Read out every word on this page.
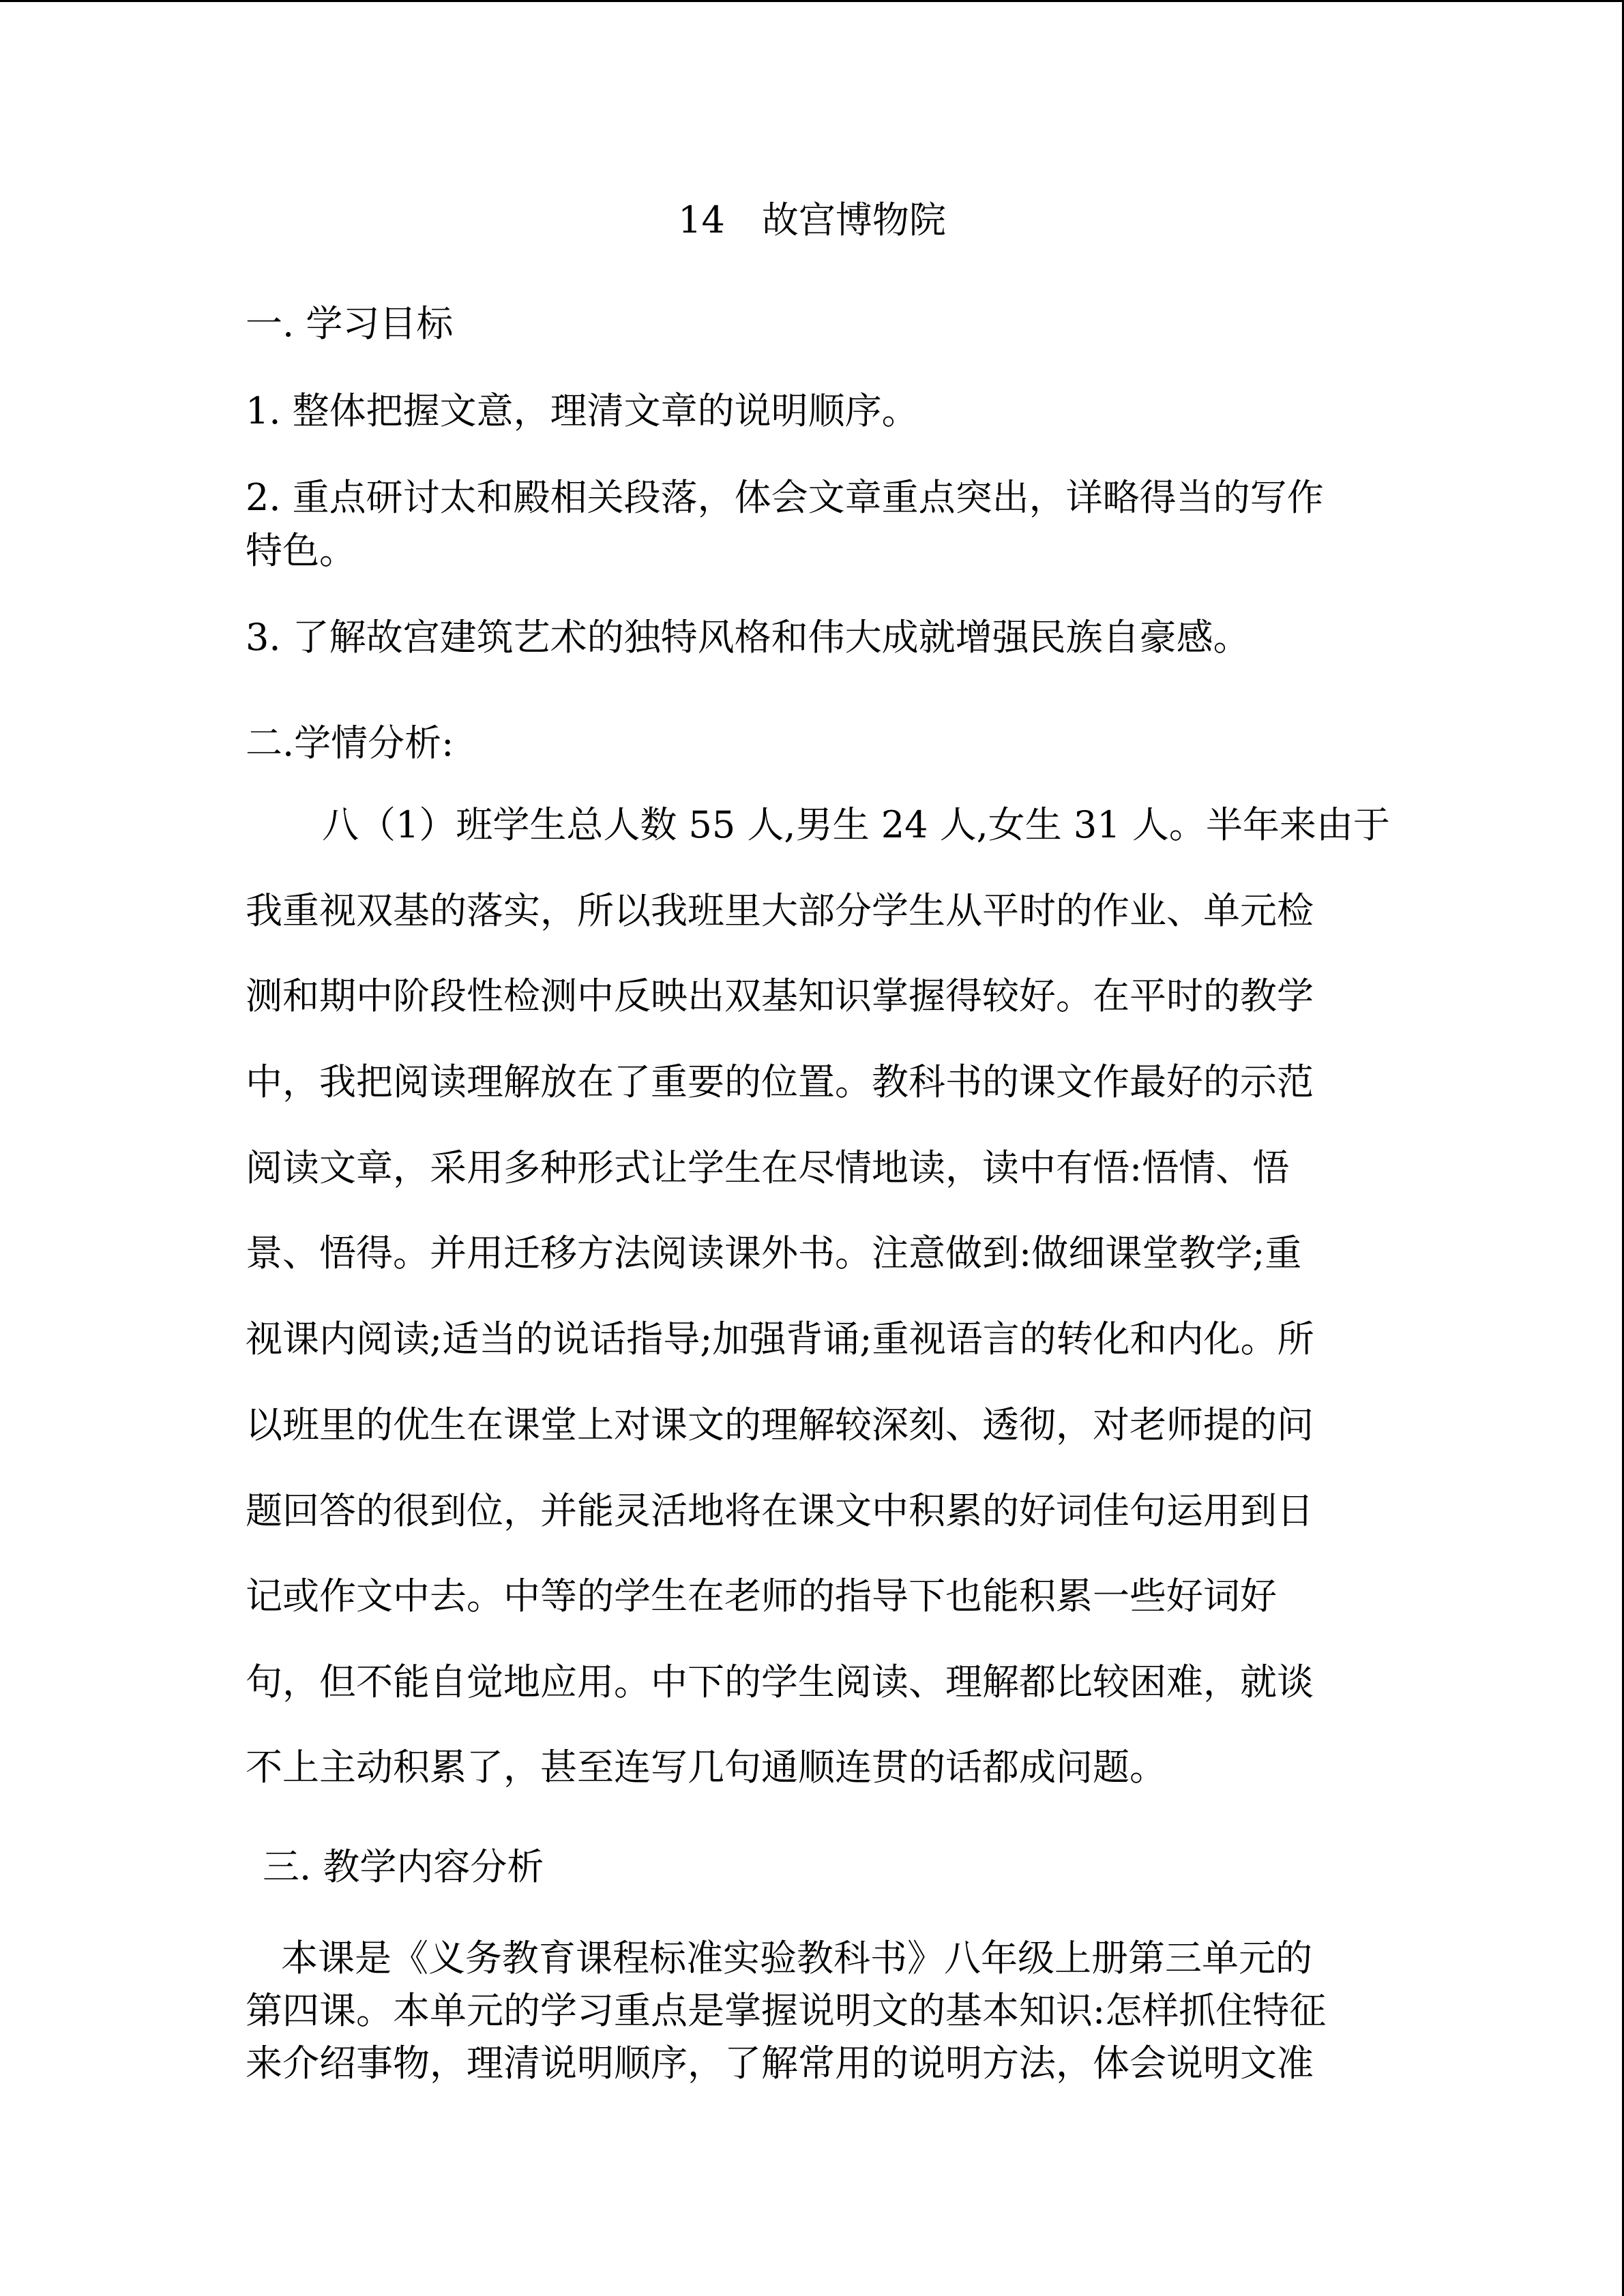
14　故宫博物院
一. 学习目标
1. 整体把握文意，理清文章的说明顺序。
2. 重点研讨太和殿相关段落，体会文章重点突出，详略得当的写作
特色。
3. 了解故宫建筑艺术的独特风格和伟大成就增强民族自豪感。
二.学情分析:
八（1）班学生总人数 55 人,男生 24 人,女生 31 人。半年来由于
我重视双基的落实，所以我班里大部分学生从平时的作业、单元检
测和期中阶段性检测中反映出双基知识掌握得较好。在平时的教学
中，我把阅读理解放在了重要的位置。教科书的课文作最好的示范
阅读文章，采用多种形式让学生在尽情地读，读中有悟:悟情、悟
景、悟得。并用迁移方法阅读课外书。注意做到:做细课堂教学;重
视课内阅读;适当的说话指导;加强背诵;重视语言的转化和内化。所
以班里的优生在课堂上对课文的理解较深刻、透彻，对老师提的问
题回答的很到位，并能灵活地将在课文中积累的好词佳句运用到日
记或作文中去。中等的学生在老师的指导下也能积累一些好词好
句，但不能自觉地应用。中下的学生阅读、理解都比较困难，就谈
不上主动积累了，甚至连写几句通顺连贯的话都成问题。
三. 教学内容分析
本课是《义务教育课程标准实验教科书》八年级上册第三单元的
第四课。本单元的学习重点是掌握说明文的基本知识:怎样抓住特征
来介绍事物，理清说明顺序，了解常用的说明方法，体会说明文准
